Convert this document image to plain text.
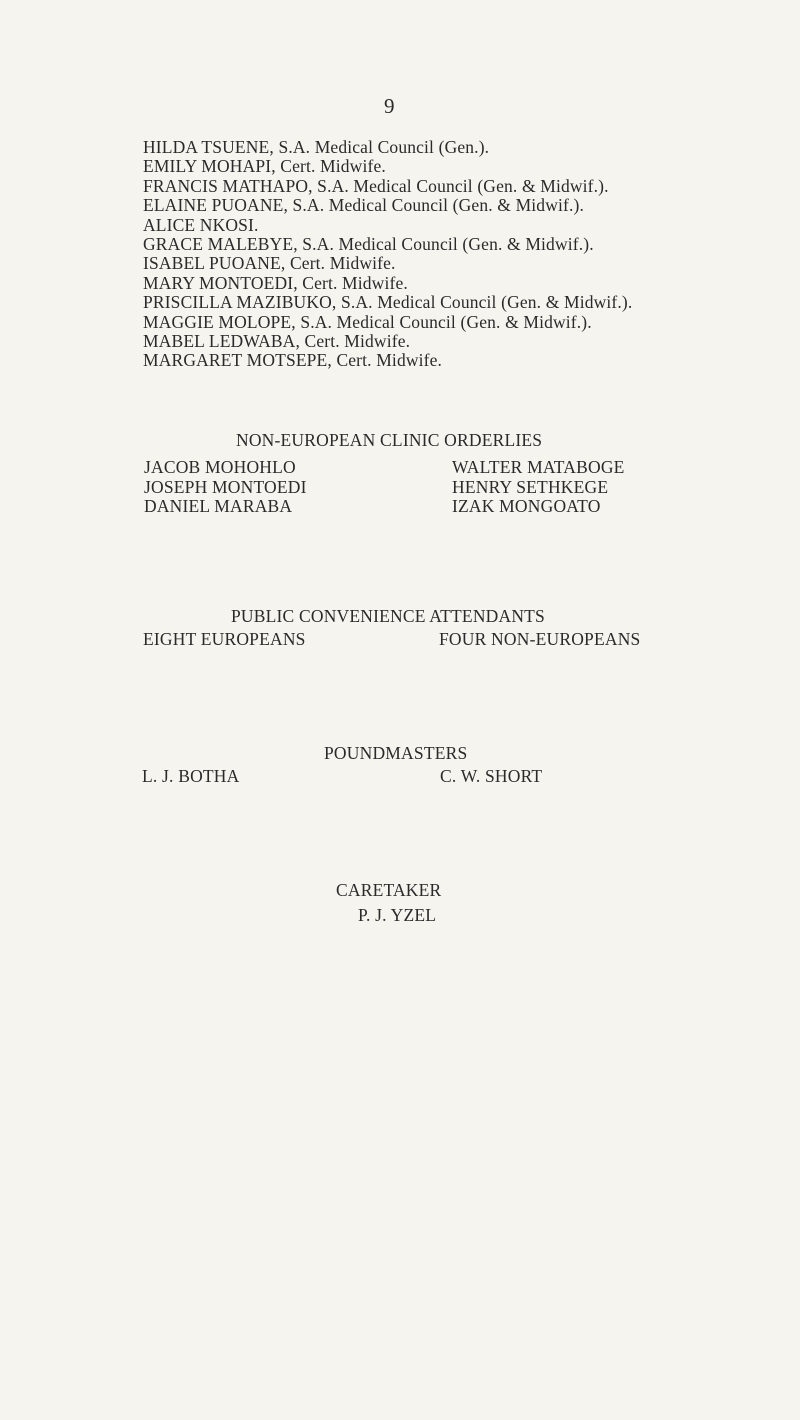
9
HILDA TSUENE, S.A. Medical Council (Gen.).
EMILY MOHAPI, Cert. Midwife.
FRANCIS MATHAPO, S.A. Medical Council (Gen. & Midwif.).
ELAINE PUOANE, S.A. Medical Council (Gen. & Midwif.).
ALICE NKOSI.
GRACE MALEBYE, S.A. Medical Council (Gen. & Midwif.).
ISABEL PUOANE, Cert. Midwife.
MARY MONTOEDI, Cert. Midwife.
PRISCILLA MAZIBUKO, S.A. Medical Council (Gen. & Midwif.).
MAGGIE MOLOPE, S.A. Medical Council (Gen. & Midwif.).
MABEL LEDWABA, Cert. Midwife.
MARGARET MOTSEPE, Cert. Midwife.
NON-EUROPEAN CLINIC ORDERLIES
JACOB MOHOHLO
JOSEPH MONTOEDI
DANIEL MARABA
WALTER MATABOGE
HENRY SETHKEGE
IZAK MONGOATO
PUBLIC CONVENIENCE ATTENDANTS
EIGHT EUROPEANS	FOUR NON-EUROPEANS
POUNDMASTERS
L. J. BOTHA	C. W. SHORT
CARETAKER
P. J. YZEL
